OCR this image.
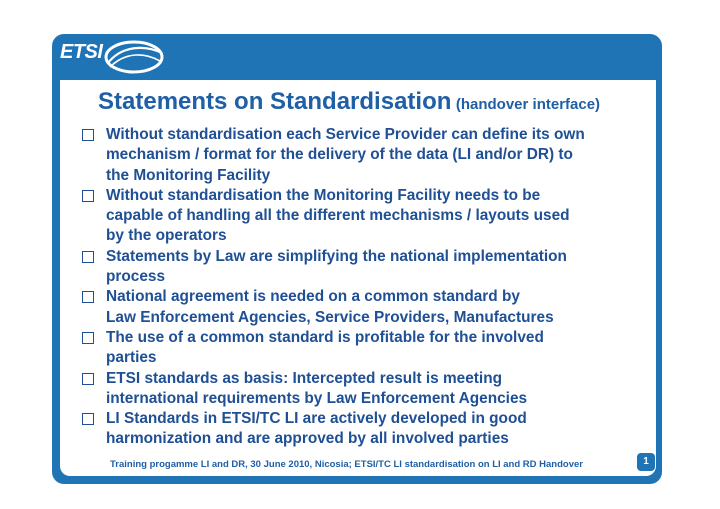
ETSI
Statements on Standardisation (handover interface)
Without standardisation each Service Provider can define its own
mechanism / format for the delivery of the data (LI and/or DR) to
the Monitoring Facility
Without standardisation the Monitoring Facility needs to be
capable of handling all the different mechanisms / layouts used
by the operators
Statements by Law are simplifying the national implementation
process
National agreement is needed on a common standard by
Law Enforcement Agencies, Service Providers, Manufactures
The use of a common standard is profitable for the involved
parties
ETSI standards as basis: Intercepted result is meeting
international requirements by Law Enforcement Agencies
LI Standards in ETSI/TC LI are actively developed in good
harmonization and are approved by all involved parties
Training progamme LI and DR, 30 June 2010, Nicosia; ETSI/TC LI standardisation on LI and RD Handover	1
